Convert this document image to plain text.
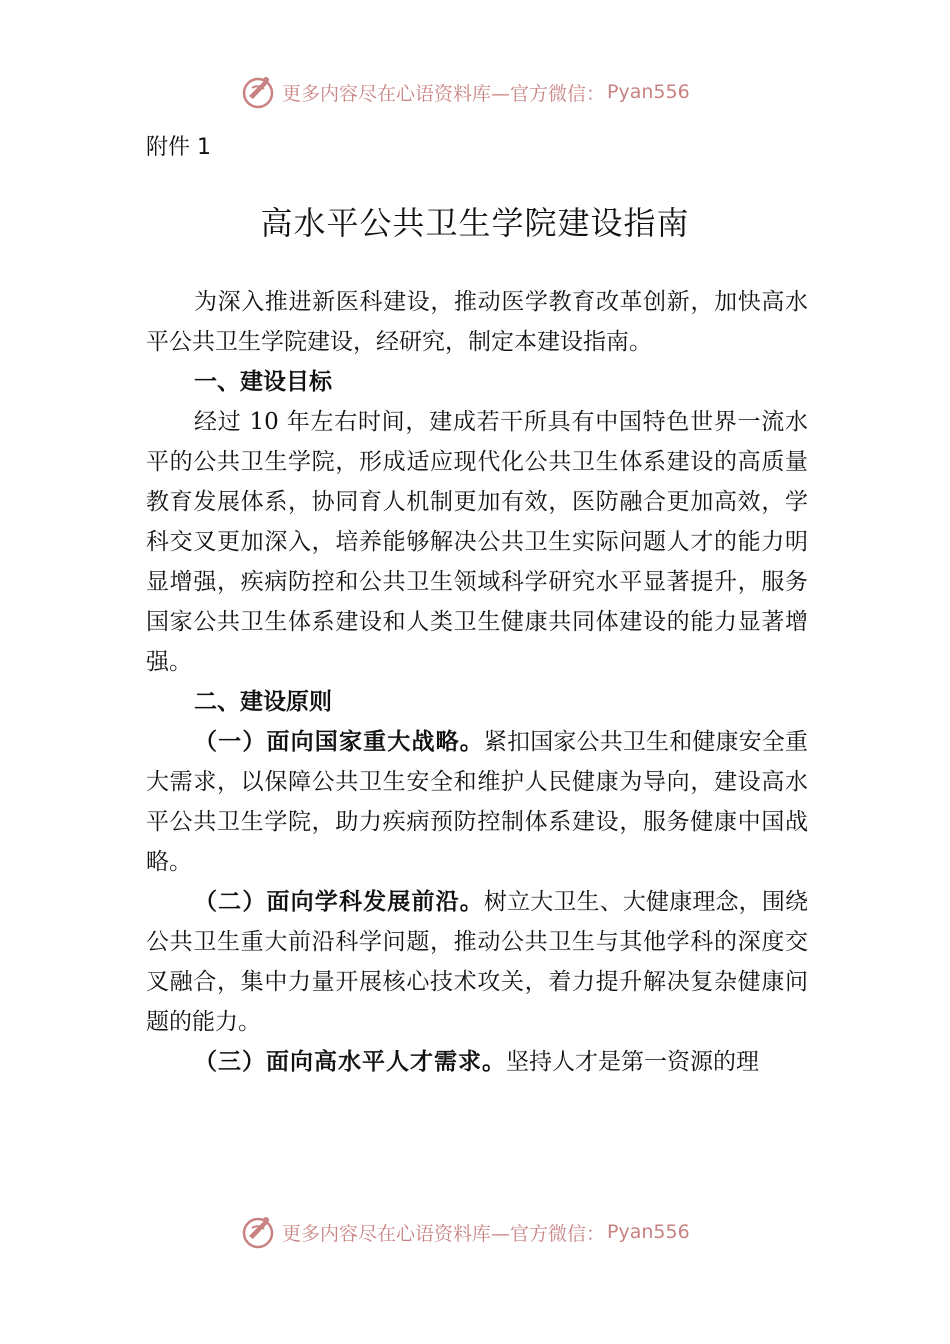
更多内容尽在心语资料库—官方微信： Pyan556
附件 1
高水平公共卫生学院建设指南

为深入推进新医科建设，推动医学教育改革创新，加快高水平公共卫生学院建设，经研究，制定本建设指南。

一、建设目标

经过 10 年左右时间，建成若干所具有中国特色世界一流水平的公共卫生学院，形成适应现代化公共卫生体系建设的高质量教育发展体系，协同育人机制更加有效，医防融合更加高效，学科交叉更加深入，培养能够解决公共卫生实际问题人才的能力明显增强，疾病防控和公共卫生领域科学研究水平显著提升，服务国家公共卫生体系建设和人类卫生健康共同体建设的能力显著增强。

二、建设原则

（一）面向国家重大战略。紧扣国家公共卫生和健康安全重大需求，以保障公共卫生安全和维护人民健康为导向，建设高水平公共卫生学院，助力疾病预防控制体系建设，服务健康中国战略。

（二）面向学科发展前沿。树立大卫生、大健康理念，围绕公共卫生重大前沿科学问题，推动公共卫生与其他学科的深度交叉融合，集中力量开展核心技术攻关，着力提升解决复杂健康问题的能力。

（三）面向高水平人才需求。坚持人才是第一资源的理

更多内容尽在心语资料库—官方微信： Pyan556
